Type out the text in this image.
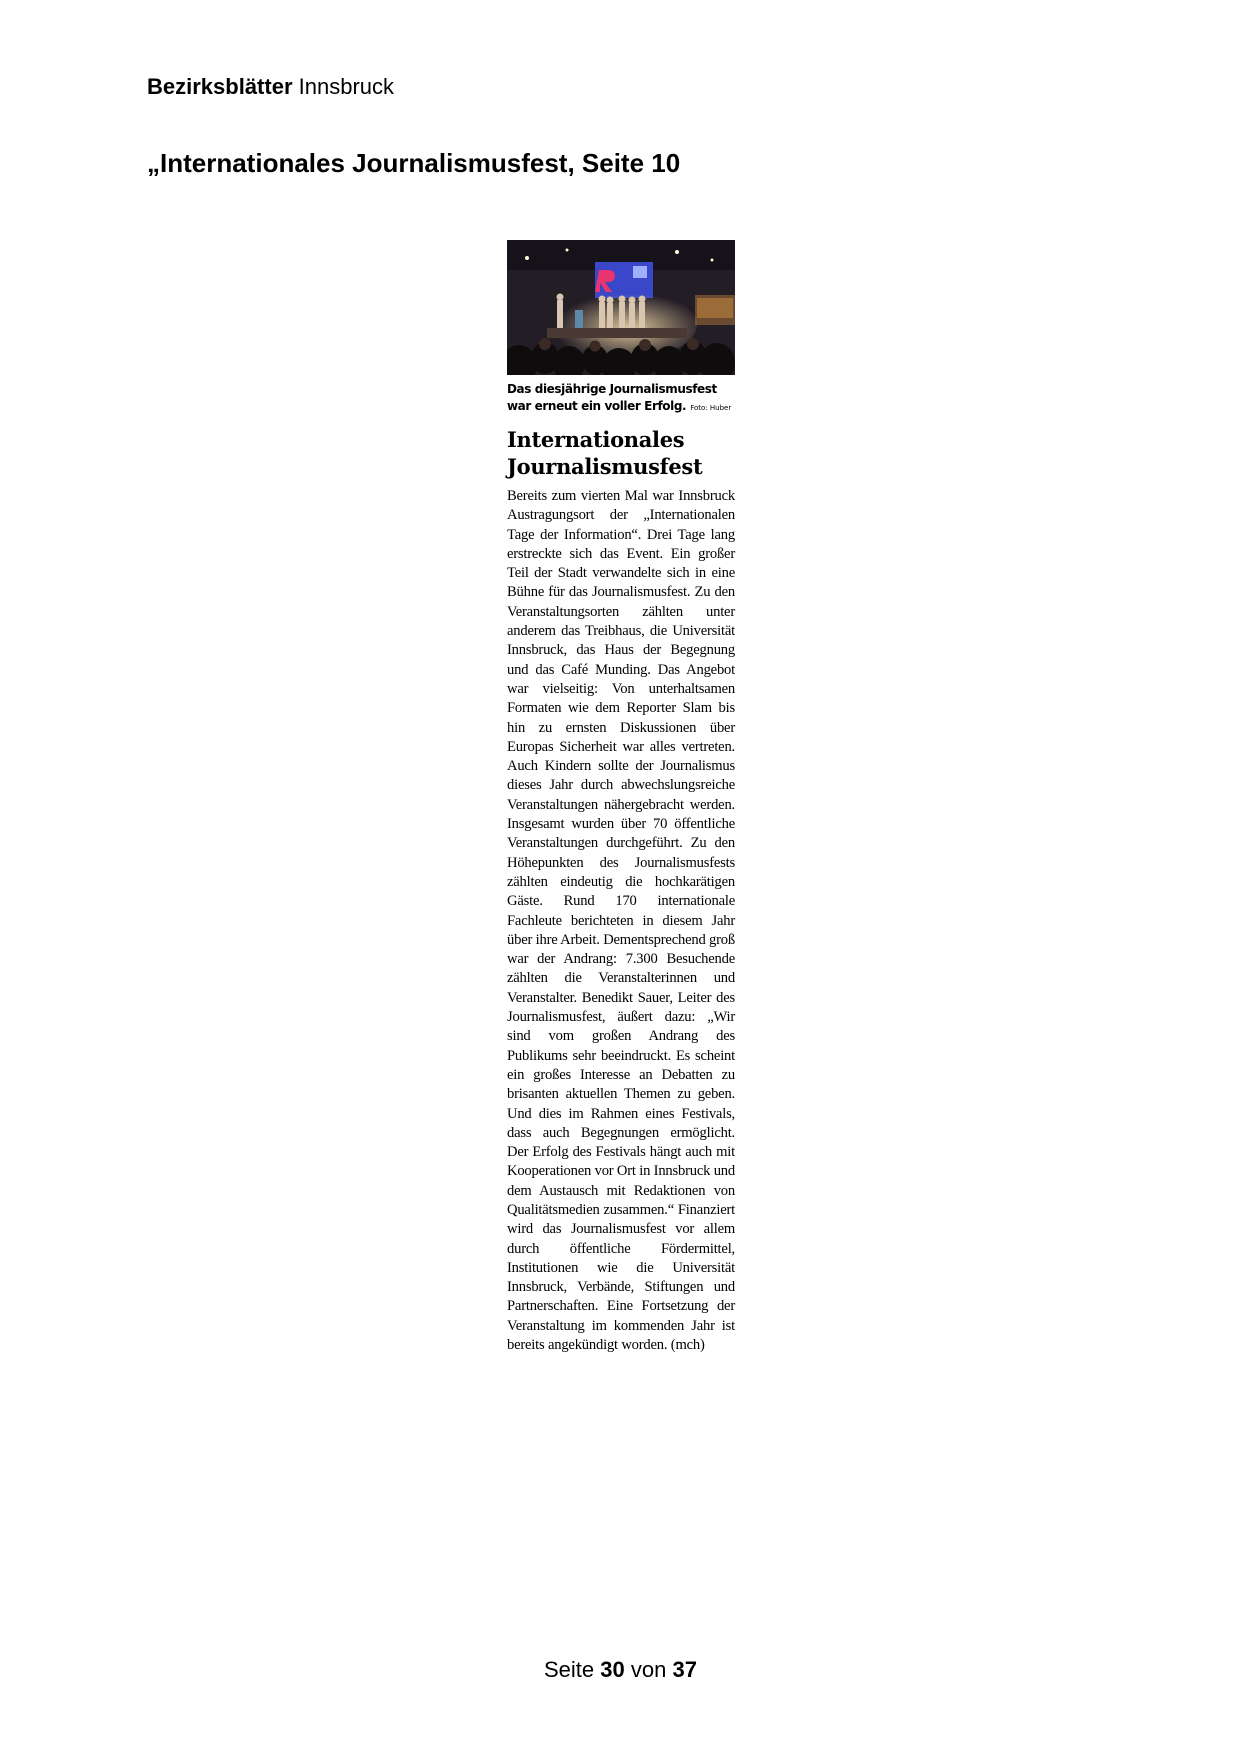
Bezirksblätter Innsbruck
„Internationales Journalismusfest, Seite 10
Das diesjährige Journalismusfest war erneut ein voller Erfolg. Foto: Huber
Internationales Journalismusfest
Bereits zum vierten Mal war Innsbruck Austragungsort der „Internationalen Tage der Information“. Drei Tage lang erstreckte sich das Event. Ein großer Teil der Stadt verwandelte sich in eine Bühne für das Journalismusfest. Zu den Veranstaltungsorten zählten unter anderem das Treibhaus, die Universität Innsbruck, das Haus der Begegnung und das Café Munding. Das Angebot war vielseitig: Von unterhaltsamen Formaten wie dem Reporter Slam bis hin zu ernsten Diskussionen über Europas Sicherheit war alles vertreten. Auch Kindern sollte der Journalismus dieses Jahr durch abwechslungsreiche Veranstaltungen nähergebracht werden. Insgesamt wurden über 70 öffentliche Veranstaltungen durchgeführt. Zu den Höhepunkten des Journalismusfests zählten eindeutig die hochkarätigen Gäste. Rund 170 internationale Fachleute berichteten in diesem Jahr über ihre Arbeit. Dementsprechend groß war der Andrang: 7.300 Besuchende zählten die Veranstalterinnen und Veranstalter. Benedikt Sauer, Leiter des Journalismusfest, äußert dazu: „Wir sind vom großen Andrang des Publikums sehr beeindruckt. Es scheint ein großes Interesse an Debatten zu brisanten aktuellen Themen zu geben. Und dies im Rahmen eines Festivals, dass auch Begegnungen ermöglicht. Der Erfolg des Festivals hängt auch mit Kooperationen vor Ort in Innsbruck und dem Austausch mit Redaktionen von Qualitätsmedien zusammen.“ Finanziert wird das Journalismusfest vor allem durch öffentliche Fördermittel, Institutionen wie die Universität Innsbruck, Verbände, Stiftungen und Partnerschaften. Eine Fortsetzung der Veranstaltung im kommenden Jahr ist bereits angekündigt worden. (mch)
Seite 30 von 37
